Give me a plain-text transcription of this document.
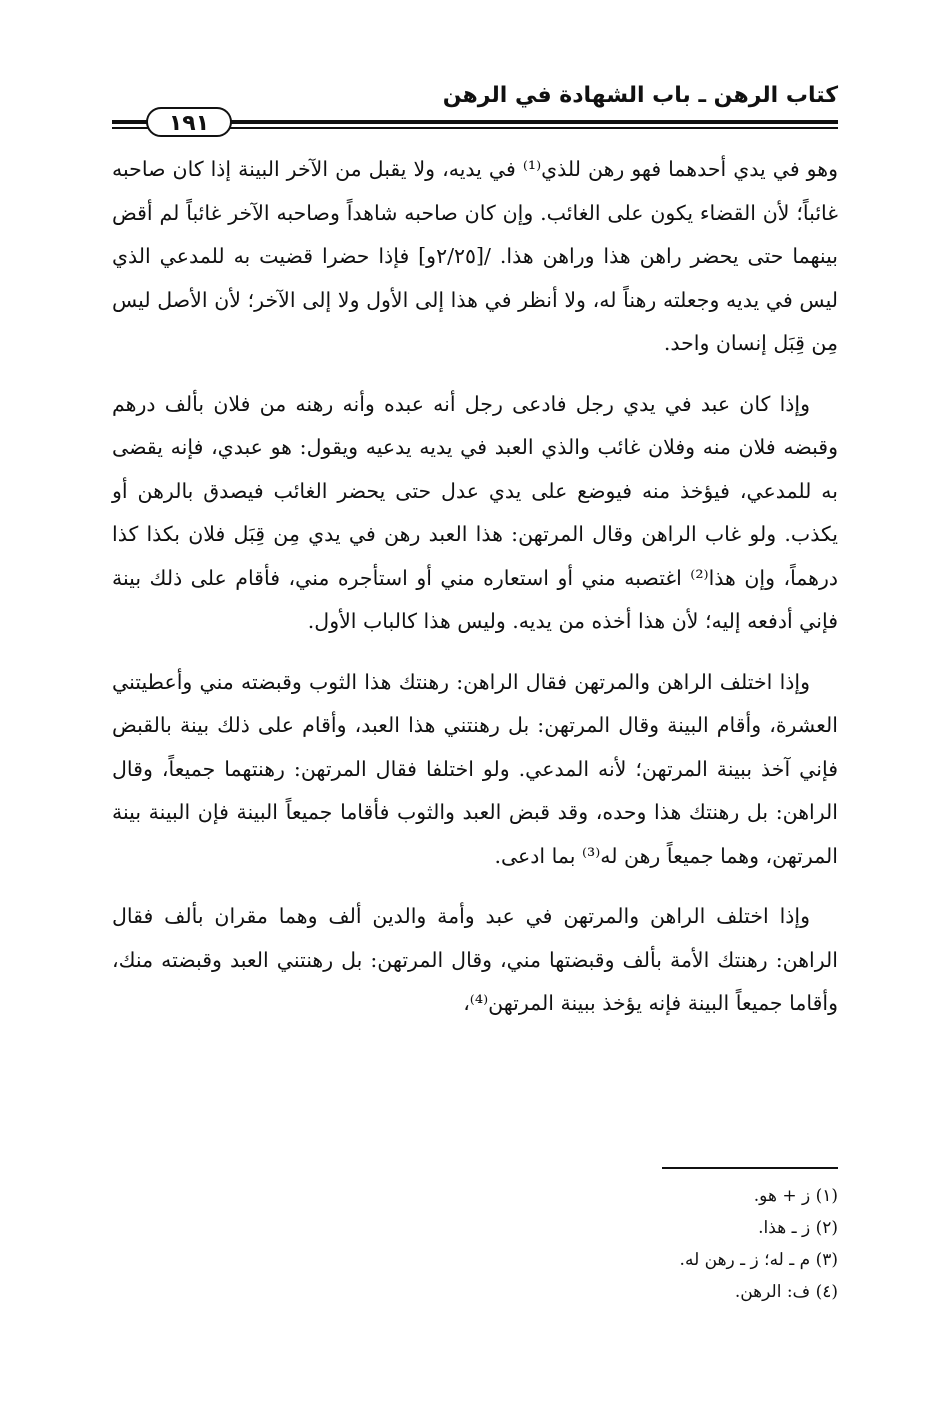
كتاب الرهن ـ باب الشهادة في الرهن
١٩١

وهو في يدي أحدهما فهو رهن للذي⁽¹⁾ في يديه، ولا يقبل من الآخر البينة إذا كان صاحبه غائباً؛ لأن القضاء يكون على الغائب. وإن كان صاحبه شاهداً وصاحبه الآخر غائباً لم أقض بينهما حتى يحضر راهن هذا وراهن هذا. /[٢/٢٥و] فإذا حضرا قضيت به للمدعي الذي ليس في يديه وجعلته رهناً له، ولا أنظر في هذا إلى الأول ولا إلى الآخر؛ لأن الأصل ليس مِن قِبَل إنسان واحد.

وإذا كان عبد في يدي رجل فادعى رجل أنه عبده وأنه رهنه من فلان بألف درهم وقبضه فلان منه وفلان غائب والذي العبد في يديه يدعيه ويقول: هو عبدي، فإنه يقضى به للمدعي، فيؤخذ منه فيوضع على يدي عدل حتى يحضر الغائب فيصدق بالرهن أو يكذب. ولو غاب الراهن وقال المرتهن: هذا العبد رهن في يدي مِن قِبَل فلان بكذا كذا درهماً، وإن هذا⁽²⁾ اغتصبه مني أو استعاره مني أو استأجره مني، فأقام على ذلك بينة فإني أدفعه إليه؛ لأن هذا أخذه من يديه. وليس هذا كالباب الأول.

وإذا اختلف الراهن والمرتهن فقال الراهن: رهنتك هذا الثوب وقبضته مني وأعطيتني العشرة، وأقام البينة وقال المرتهن: بل رهنتني هذا العبد، وأقام على ذلك بينة بالقبض فإني آخذ ببينة المرتهن؛ لأنه المدعي. ولو اختلفا فقال المرتهن: رهنتهما جميعاً، وقال الراهن: بل رهنتك هذا وحده، وقد قبض العبد والثوب فأقاما جميعاً البينة فإن البينة بينة المرتهن، وهما جميعاً رهن له⁽³⁾ بما ادعى.

وإذا اختلف الراهن والمرتهن في عبد وأمة والدين ألف وهما مقران بألف فقال الراهن: رهنتك الأمة بألف وقبضتها مني، وقال المرتهن: بل رهنتني العبد وقبضته منك، وأقاما جميعاً البينة فإنه يؤخذ ببينة المرتهن⁽⁴⁾،

(١) ز + هو.

(٢) ز ـ هذا.

(٣) م ـ له؛ ز ـ رهن له.

(٤) ف: الرهن.
